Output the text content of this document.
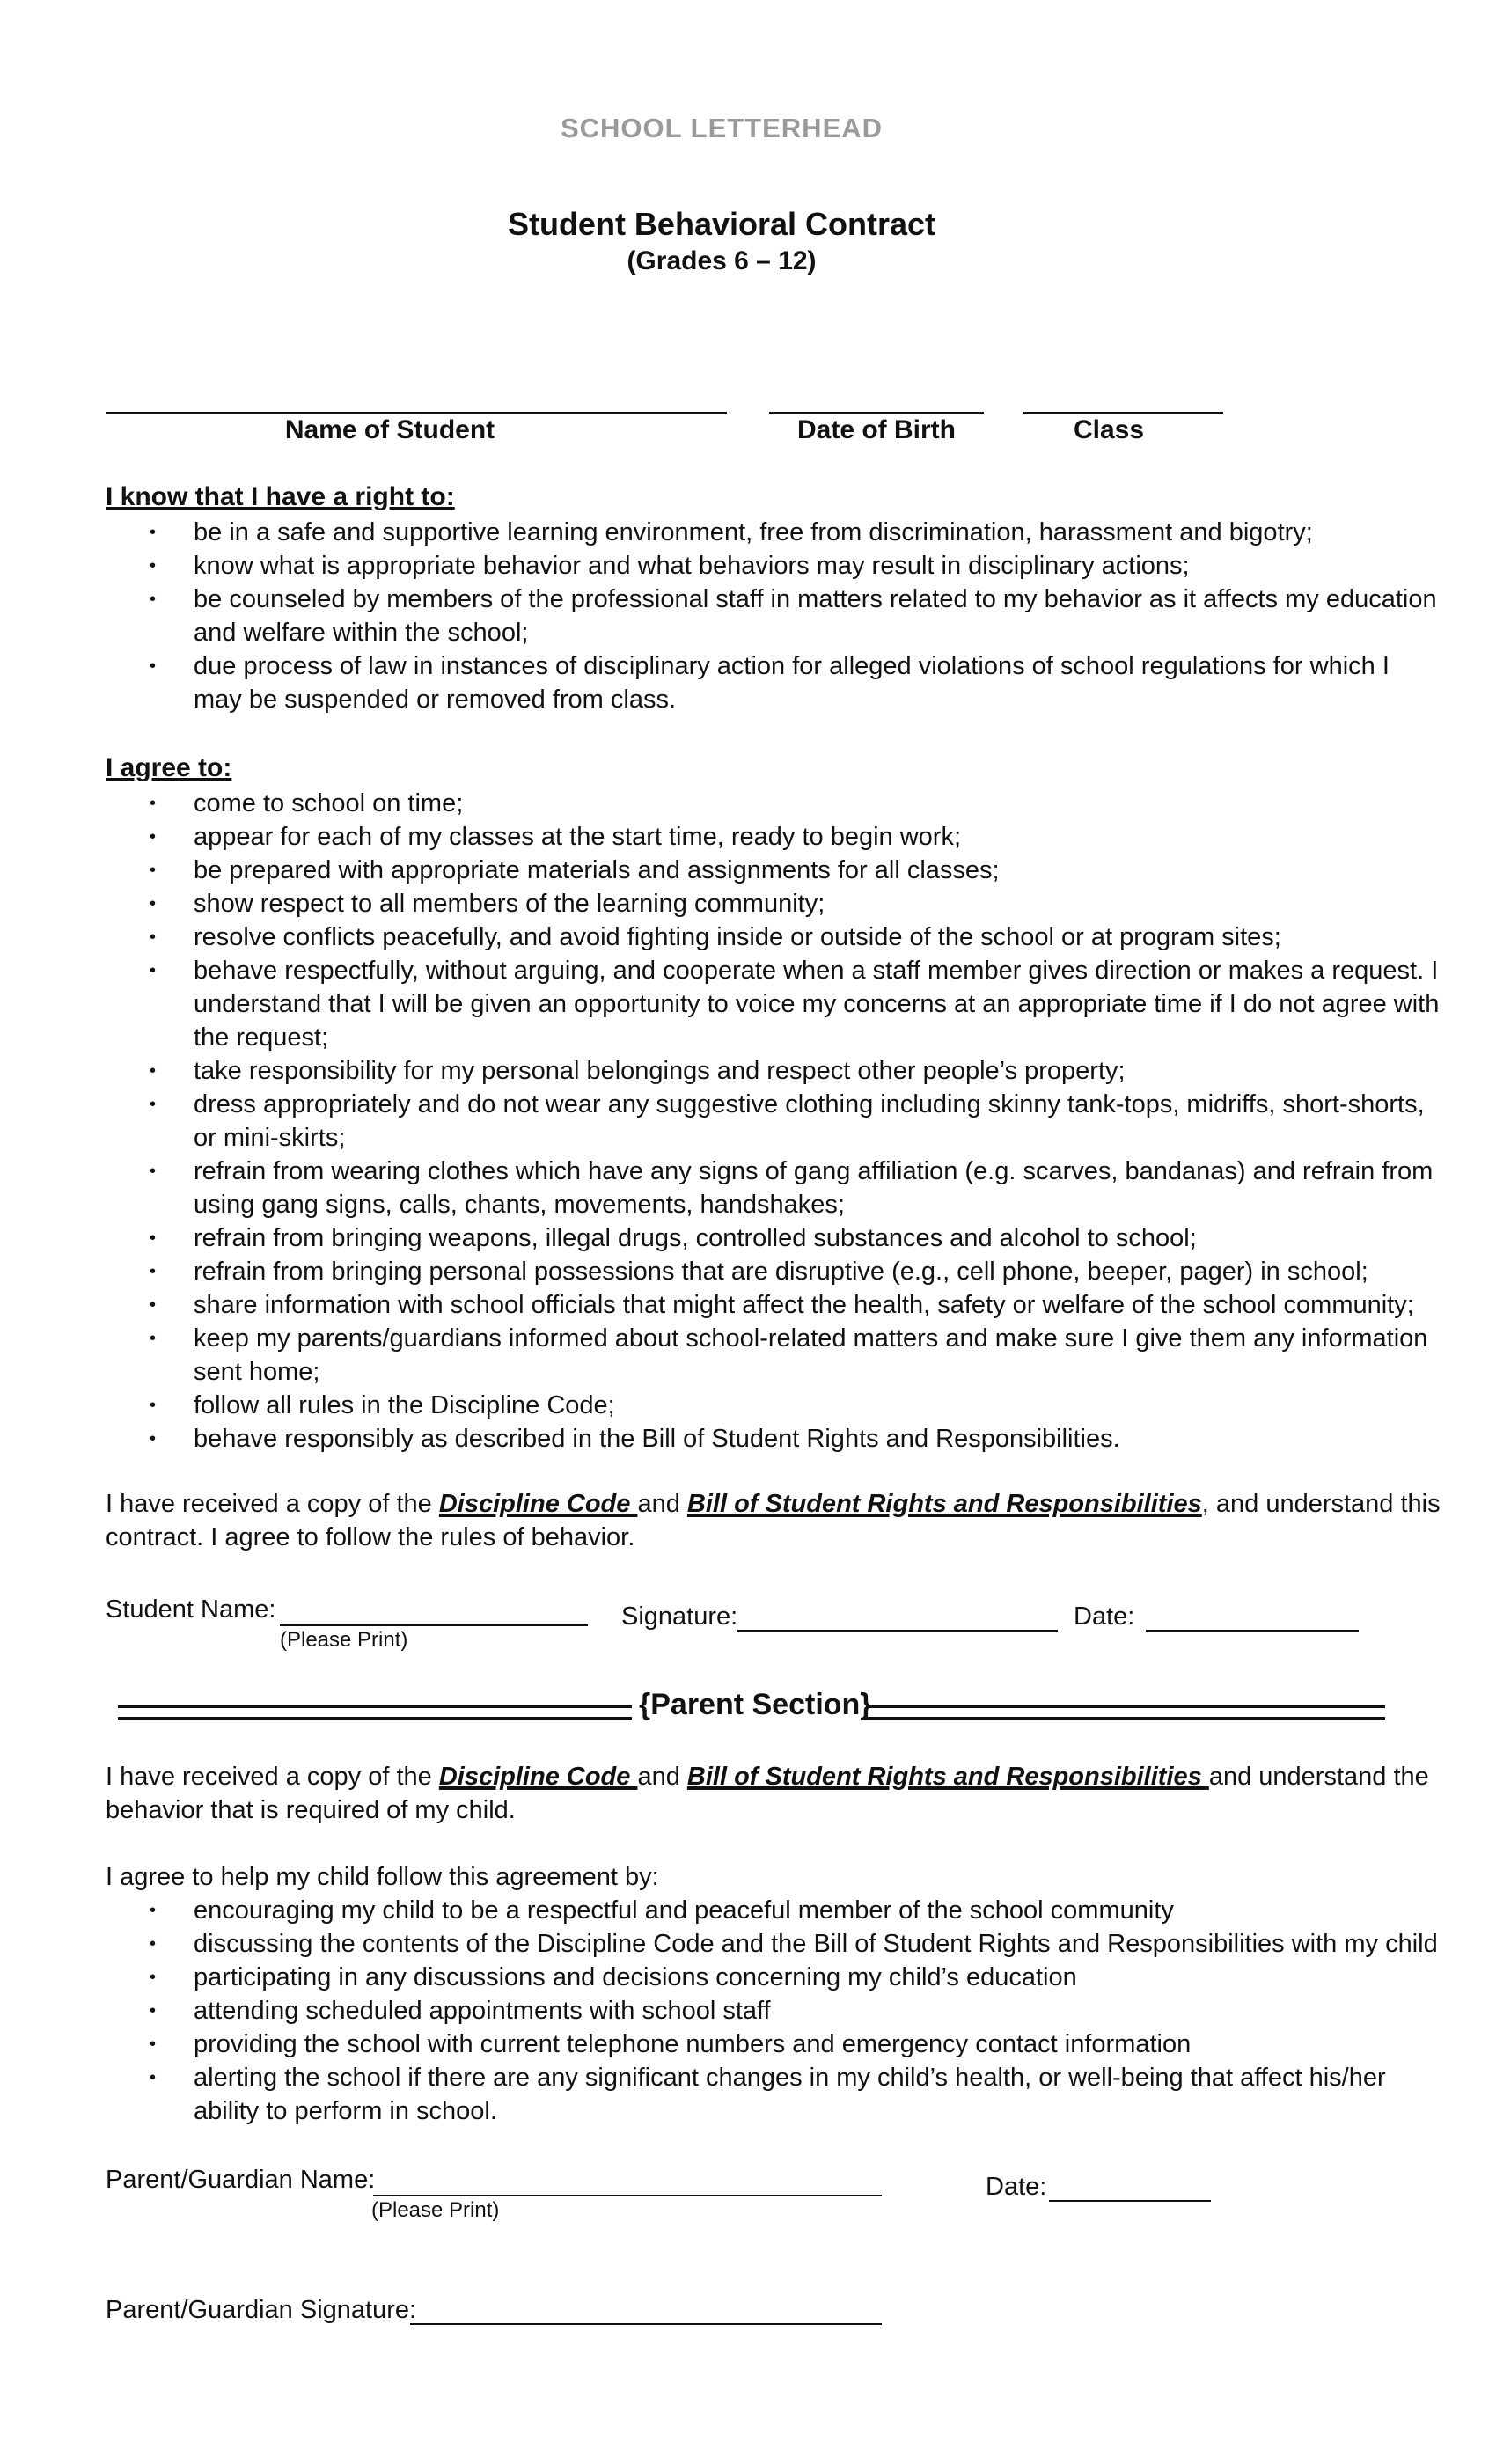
SCHOOL LETTERHEAD
Student Behavioral Contract
(Grades 6 – 12)
Name of Student	Date of Birth	Class
I know that I have a right to:
• be in a safe and supportive learning environment, free from discrimination, harassment and bigotry;
• know what is appropriate behavior and what behaviors may result in disciplinary actions;
• be counseled by members of the professional staff in matters related to my behavior as it affects my education and welfare within the school;
• due process of law in instances of disciplinary action for alleged violations of school regulations for which I may be suspended or removed from class.
I agree to:
• come to school on time;
• appear for each of my classes at the start time, ready to begin work;
• be prepared with appropriate materials and assignments for all classes;
• show respect to all members of the learning community;
• resolve conflicts peacefully, and avoid fighting inside or outside of the school or at program sites;
• behave respectfully, without arguing, and cooperate when a staff member gives direction or makes a request. I understand that I will be given an opportunity to voice my concerns at an appropriate time if I do not agree with the request;
• take responsibility for my personal belongings and respect other people’s property;
• dress appropriately and do not wear any suggestive clothing including skinny tank-tops, midriffs, short-shorts, or mini-skirts;
• refrain from wearing clothes which have any signs of gang affiliation (e.g. scarves, bandanas) and refrain from using gang signs, calls, chants, movements, handshakes;
• refrain from bringing weapons, illegal drugs, controlled substances and alcohol to school;
• refrain from bringing personal possessions that are disruptive (e.g., cell phone, beeper, pager) in school;
• share information with school officials that might affect the health, safety or welfare of the school community;
• keep my parents/guardians informed about school-related matters and make sure I give them any information sent home;
• follow all rules in the Discipline Code;
• behave responsibly as described in the Bill of Student Rights and Responsibilities.
I have received a copy of the Discipline Code and Bill of Student Rights and Responsibilities, and understand this contract. I agree to follow the rules of behavior.
Student Name:
(Please Print)
Signature:	Date:
{Parent Section}
I have received a copy of the Discipline Code and Bill of Student Rights and Responsibilities and understand the behavior that is required of my child.
I agree to help my child follow this agreement by:
• encouraging my child to be a respectful and peaceful member of the school community
• discussing the contents of the Discipline Code and the Bill of Student Rights and Responsibilities with my child
• participating in any discussions and decisions concerning my child’s education
• attending scheduled appointments with school staff
• providing the school with current telephone numbers and emergency contact information
• alerting the school if there are any significant changes in my child’s health, or well-being that affect his/her ability to perform in school.
Parent/Guardian Name:
(Please Print)
Date:
Parent/Guardian Signature:
